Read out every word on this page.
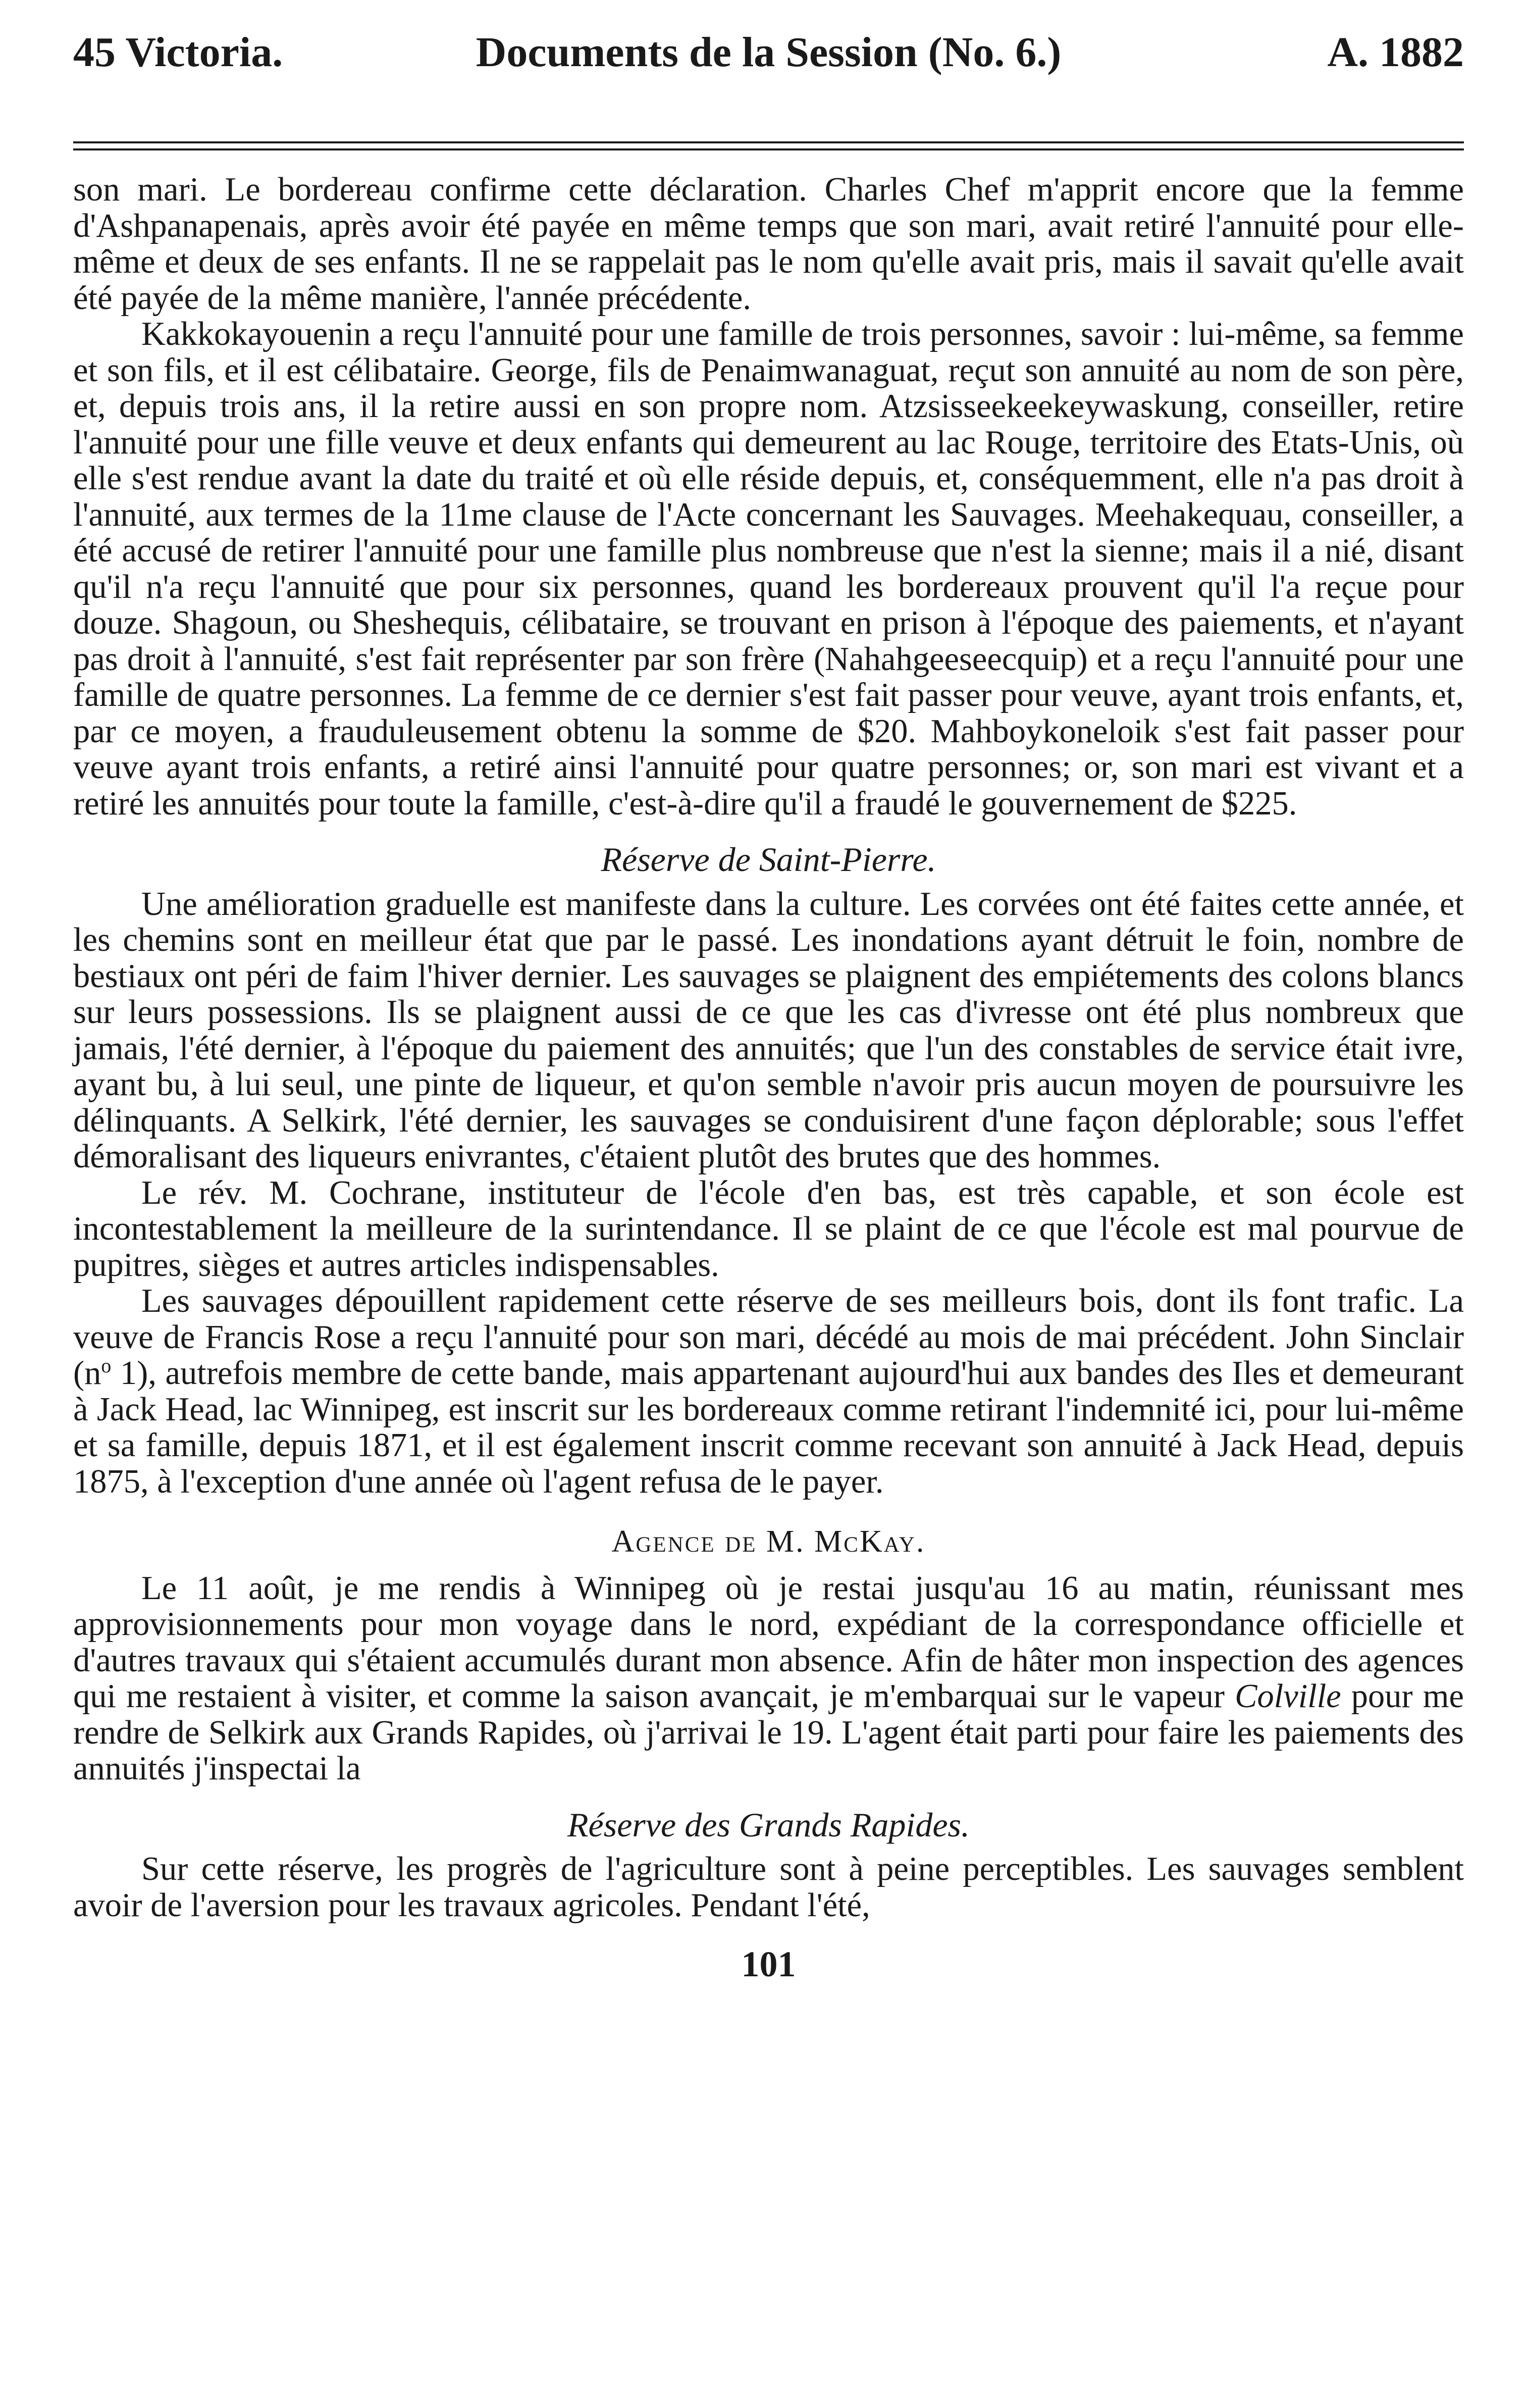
45 Victoria.	Documents de la Session (No. 6.)	A. 1882

son mari. Le bordereau confirme cette déclaration. Charles Chef m'apprit encore que la femme d'Ashpanapenais, après avoir été payée en même temps que son mari, avait retiré l'annuité pour elle-même et deux de ses enfants. Il ne se rappelait pas le nom qu'elle avait pris, mais il savait qu'elle avait été payée de la même manière, l'année précédente.

Kakkokayouenin a reçu l'annuité pour une famille de trois personnes, savoir : lui-même, sa femme et son fils, et il est célibataire. George, fils de Penaimwanaguat, reçut son annuité au nom de son père, et, depuis trois ans, il la retire aussi en son propre nom. Atzsisseekeekeywaskung, conseiller, retire l'annuité pour une fille veuve et deux enfants qui demeurent au lac Rouge, territoire des Etats-Unis, où elle s'est rendue avant la date du traité et où elle réside depuis, et, conséquemment, elle n'a pas droit à l'annuité, aux termes de la 11me clause de l'Acte concernant les Sauvages. Meehakequau, conseiller, a été accusé de retirer l'annuité pour une famille plus nombreuse que n'est la sienne; mais il a nié, disant qu'il n'a reçu l'annuité que pour six personnes, quand les bordereaux prouvent qu'il l'a reçue pour douze. Shagoun, ou Sheshequis, célibataire, se trouvant en prison à l'époque des paiements, et n'ayant pas droit à l'annuité, s'est fait représenter par son frère (Nahahgeeseecquip) et a reçu l'annuité pour une famille de quatre personnes. La femme de ce dernier s'est fait passer pour veuve, ayant trois enfants, et, par ce moyen, a frauduleusement obtenu la somme de $20. Mahboykoneloik s'est fait passer pour veuve ayant trois enfants, a retiré ainsi l'annuité pour quatre personnes; or, son mari est vivant et a retiré les annuités pour toute la famille, c'est-à-dire qu'il a fraudé le gouvernement de $225.

Réserve de Saint-Pierre.

Une amélioration graduelle est manifeste dans la culture. Les corvées ont été faites cette année, et les chemins sont en meilleur état que par le passé. Les inondations ayant détruit le foin, nombre de bestiaux ont péri de faim l'hiver dernier. Les sauvages se plaignent des empiétements des colons blancs sur leurs possessions. Ils se plaignent aussi de ce que les cas d'ivresse ont été plus nombreux que jamais, l'été dernier, à l'époque du paiement des annuités; que l'un des constables de service était ivre, ayant bu, à lui seul, une pinte de liqueur, et qu'on semble n'avoir pris aucun moyen de poursuivre les délinquants. A Selkirk, l'été dernier, les sauvages se conduisirent d'une façon déplorable; sous l'effet démoralisant des liqueurs enivrantes, c'étaient plutôt des brutes que des hommes.

Le rév. M. Cochrane, instituteur de l'école d'en bas, est très capable, et son école est incontestablement la meilleure de la surintendance. Il se plaint de ce que l'école est mal pourvue de pupitres, sièges et autres articles indispensables.

Les sauvages dépouillent rapidement cette réserve de ses meilleurs bois, dont ils font trafic. La veuve de Francis Rose a reçu l'annuité pour son mari, décédé au mois de mai précédent. John Sinclair ($n^o$ 1), autrefois membre de cette bande, mais appartenant aujourd'hui aux bandes des Iles et demeurant à Jack Head, lac Winnipeg, est inscrit sur les bordereaux comme retirant l'indemnité ici, pour lui-même et sa famille, depuis 1871, et il est également inscrit comme recevant son annuité à Jack Head, depuis 1875, à l'exception d'une année où l'agent refusa de le payer.

Agence de M. McKay.

Le 11 août, je me rendis à Winnipeg où je restai jusqu'au 16 au matin, réunissant mes approvisionnements pour mon voyage dans le nord, expédiant de la correspondance officielle et d'autres travaux qui s'étaient accumulés durant mon absence. Afin de hâter mon inspection des agences qui me restaient à visiter, et comme la saison avançait, je m'embarquai sur le vapeur Colville pour me rendre de Selkirk aux Grands Rapides, où j'arrivai le 19. L'agent était parti pour faire les paiements des annuités j'inspectai la

Réserve des Grands Rapides.

Sur cette réserve, les progrès de l'agriculture sont à peine perceptibles. Les sauvages semblent avoir de l'aversion pour les travaux agricoles. Pendant l'été,

101
